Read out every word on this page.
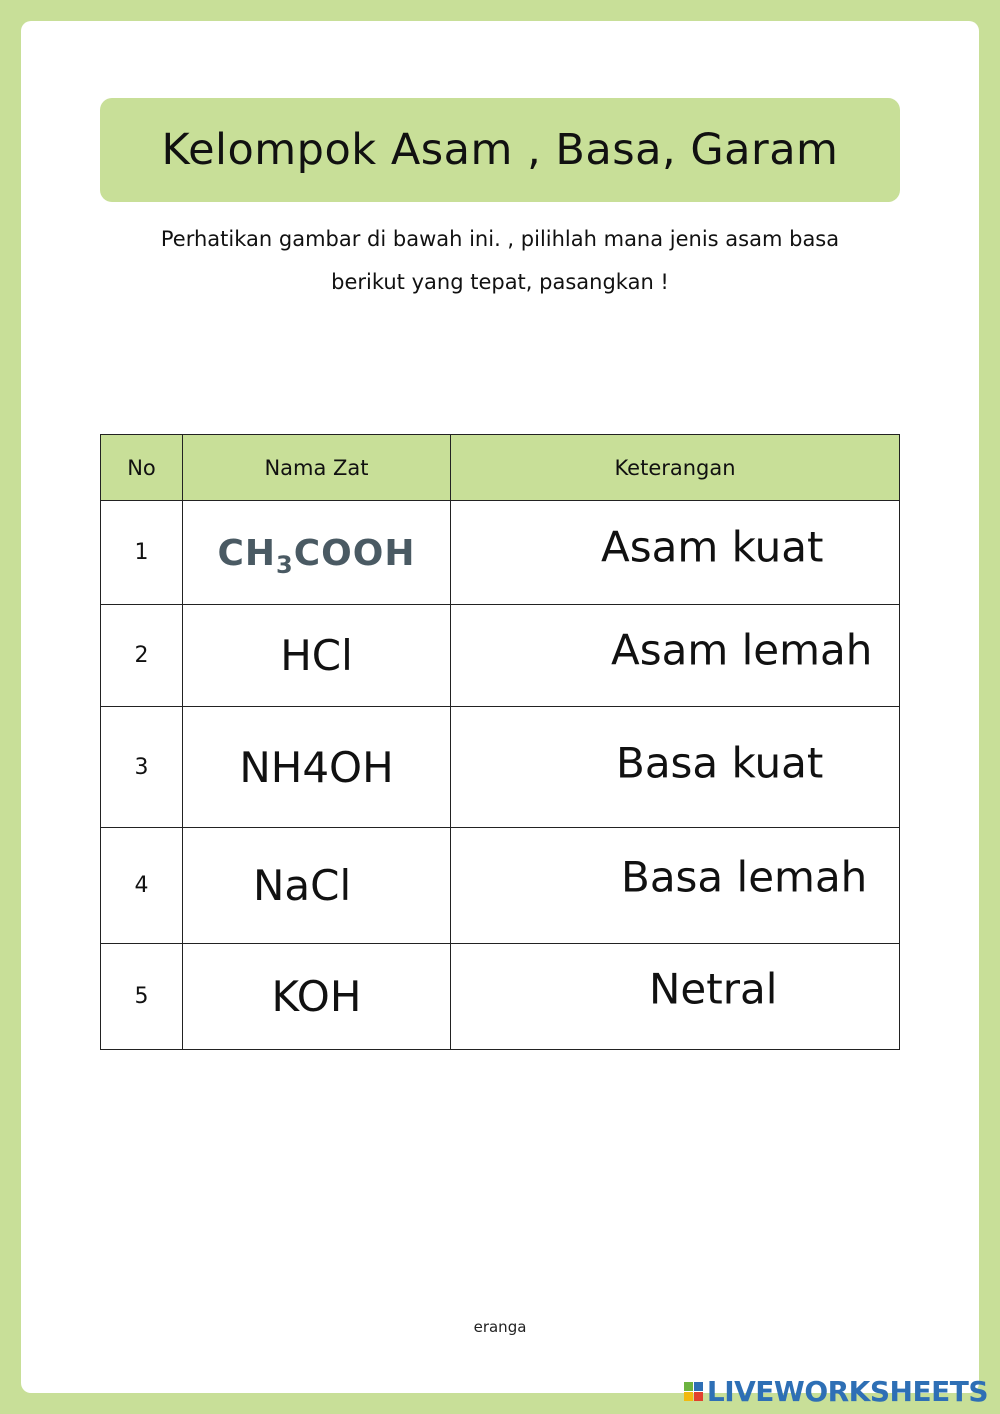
Kelompok Asam , Basa, Garam
Perhatikan gambar di bawah ini. , pilihlah mana jenis asam basa
berikut yang tepat, pasangkan !
No	Nama Zat	Keterangan
1	$CH_3COOH$	Asam kuat

2	HCl	Asam lemah

3	NH4OH	Basa kuat

4	NaCl	Basa lemah

5	KOH	Netral
eranga
LIVEWORKSHEETS
